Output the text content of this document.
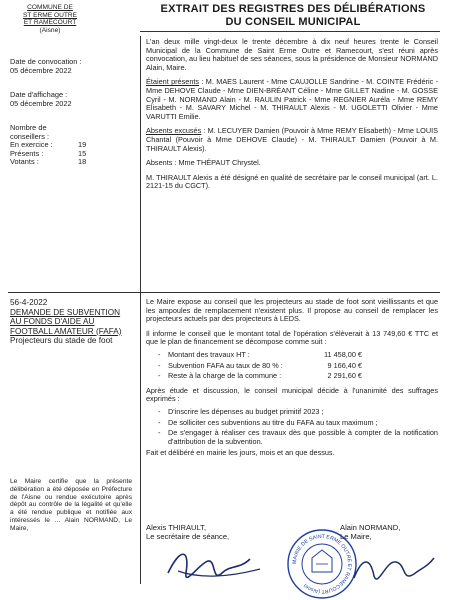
COMMUNE DE
ST ERME OUTRE
ET RAMECOURT
(Aisne)
EXTRAIT DES REGISTRES DES DÉLIBÉRATIONS
DU CONSEIL MUNICIPAL
Date de convocation :
05 décembre 2022
Date d'affichage :
05 décembre 2022
Nombre de
conseillers :
En exercice :	19
Présents :	15
Votants :	18

L'an deux mille vingt-deux le trente décembre à dix neuf heures trente le Conseil Municipal de la Commune de Saint Erme Outre et Ramecourt, s'est réuni après convocation, au lieu habituel de ses séances, sous la présidence de Monsieur NORMAND Alain, Maire.

Étaient présents : M. MAES Laurent - Mme CAUJOLLE Sandrine - M. COINTE Frédéric - Mme DEHOVE Claude - Mme DIEN-BRÉANT Céline - Mme GILLET Nadine - M. GOSSE Cyril - M. NORMAND Alain - M. RAULIN Patrick - Mme REGNIER Auréla - Mme REMY Elisabeth - M. SAVARY Michel - M. THIRAULT Alexis - M. UGOLETTI Olivier - Mme VARUTTI Emilie.

Absents excusés : M. LECUYER Damien (Pouvoir à Mme REMY Elisabeth) - Mme LOUIS Chantal (Pouvoir à Mme DEHOVE Claude) - M. THIRAULT Damien (Pouvoir à M. THIRAULT Alexis).

Absents : Mme THÉPAUT Chrystel.

M. THIRAULT Alexis a été désigné en qualité de secrétaire par le conseil municipal (art. L. 2121-15 du CGCT).

56-4-2022
DEMANDE DE SUBVENTION AU FONDS D'AIDE AU FOOTBALL AMATEUR (FAFA)
Projecteurs du stade de foot

Le Maire expose au conseil que les projecteurs au stade de foot sont vieillissants et que les ampoules de remplacement n'existent plus. Il propose au conseil de remplacer les projecteurs actuels par des projecteurs à LEDS.

Il informe le conseil que le montant total de l'opération s'élèverait à 13 749,60 € TTC et que le plan de financement se décompose comme suit :

- Montant des travaux HT :	11 458,00 €
- Subvention FAFA au taux de 80 % :	9 166,40 €
- Reste à la charge de la commune :	2 291,60 €

Après étude et discussion, le conseil municipal décide à l'unanimité des suffrages exprimés :

- D'inscrire les dépenses au budget primitif 2023 ;
- De solliciter ces subventions au titre du FAFA au taux maximum ;
- De s'engager à réaliser ces travaux dès que possible à compter de la notification d'attribution de la subvention.

Fait et délibéré en mairie les jours, mois et an que dessus.

Le Maire certifie que la présente délibération a été déposée en Préfecture de l'Aisne ou rendue exécutoire après dépôt au contrôle de la légalité et qu'elle a été rendue publique et notifiée aux intéressés le ... Alain NORMAND, Le Maire,	Alexis THIRAULT,
Le secrétaire de séance,
Alain NORMAND,
Le Maire,
MAIRIE DE SAINT ERME OUTRE ET RAMECOURT (Aisne)
